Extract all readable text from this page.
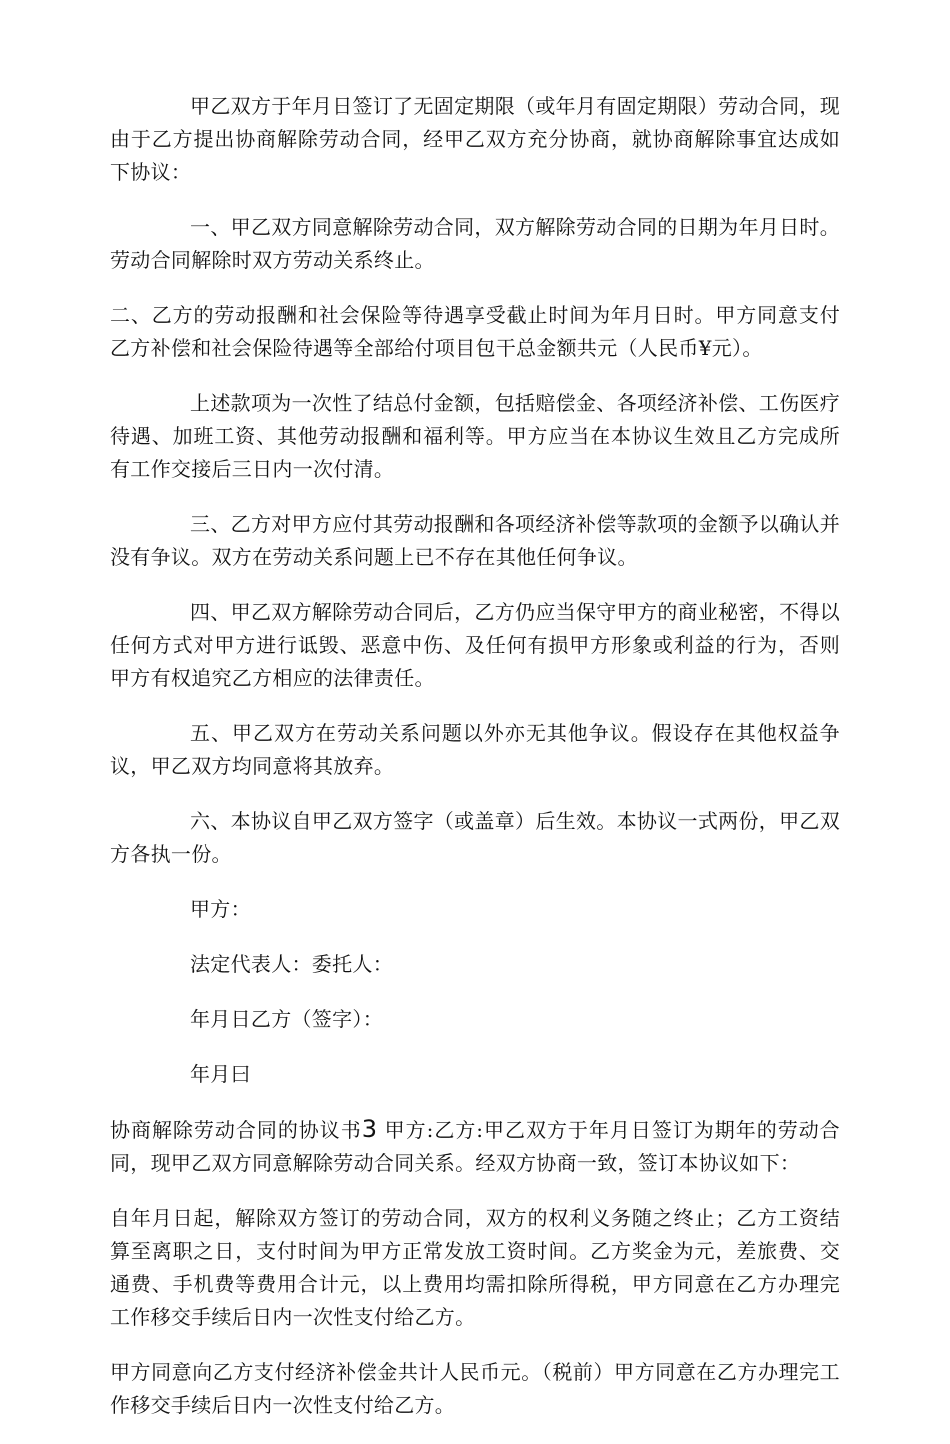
甲乙双方于年月日签订了无固定期限（或年月有固定期限）劳动合同，现由于乙方提出协商解除劳动合同，经甲乙双方充分协商，就协商解除事宜达成如下协议：

一、甲乙双方同意解除劳动合同，双方解除劳动合同的日期为年月日时。劳动合同解除时双方劳动关系终止。

二、乙方的劳动报酬和社会保险等待遇享受截止时间为年月日时。甲方同意支付乙方补偿和社会保险待遇等全部给付项目包干总金额共元（人民币¥元）。

上述款项为一次性了结总付金额，包括赔偿金、各项经济补偿、工伤医疗待遇、加班工资、其他劳动报酬和福利等。甲方应当在本协议生效且乙方完成所有工作交接后三日内一次付清。

三、乙方对甲方应付其劳动报酬和各项经济补偿等款项的金额予以确认并没有争议。双方在劳动关系问题上已不存在其他任何争议。

四、甲乙双方解除劳动合同后，乙方仍应当保守甲方的商业秘密，不得以任何方式对甲方进行诋毁、恶意中伤、及任何有损甲方形象或利益的行为，否则甲方有权追究乙方相应的法律责任。

五、甲乙双方在劳动关系问题以外亦无其他争议。假设存在其他权益争议，甲乙双方均同意将其放弃。

六、本协议自甲乙双方签字（或盖章）后生效。本协议一式两份，甲乙双方各执一份。

甲方：

法定代表人：委托人：

年月日乙方（签字）：

年月曰

协商解除劳动合同的协议书3 甲方:乙方:甲乙双方于年月日签订为期年的劳动合同，现甲乙双方同意解除劳动合同关系。经双方协商一致，签订本协议如下：

自年月日起，解除双方签订的劳动合同，双方的权利义务随之终止；乙方工资结算至离职之日，支付时间为甲方正常发放工资时间。乙方奖金为元，差旅费、交通费、手机费等费用合计元，以上费用均需扣除所得税，甲方同意在乙方办理完工作移交手续后日内一次性支付给乙方。

甲方同意向乙方支付经济补偿金共计人民币元。（税前）甲方同意在乙方办理完工作移交手续后日内一次性支付给乙方。
